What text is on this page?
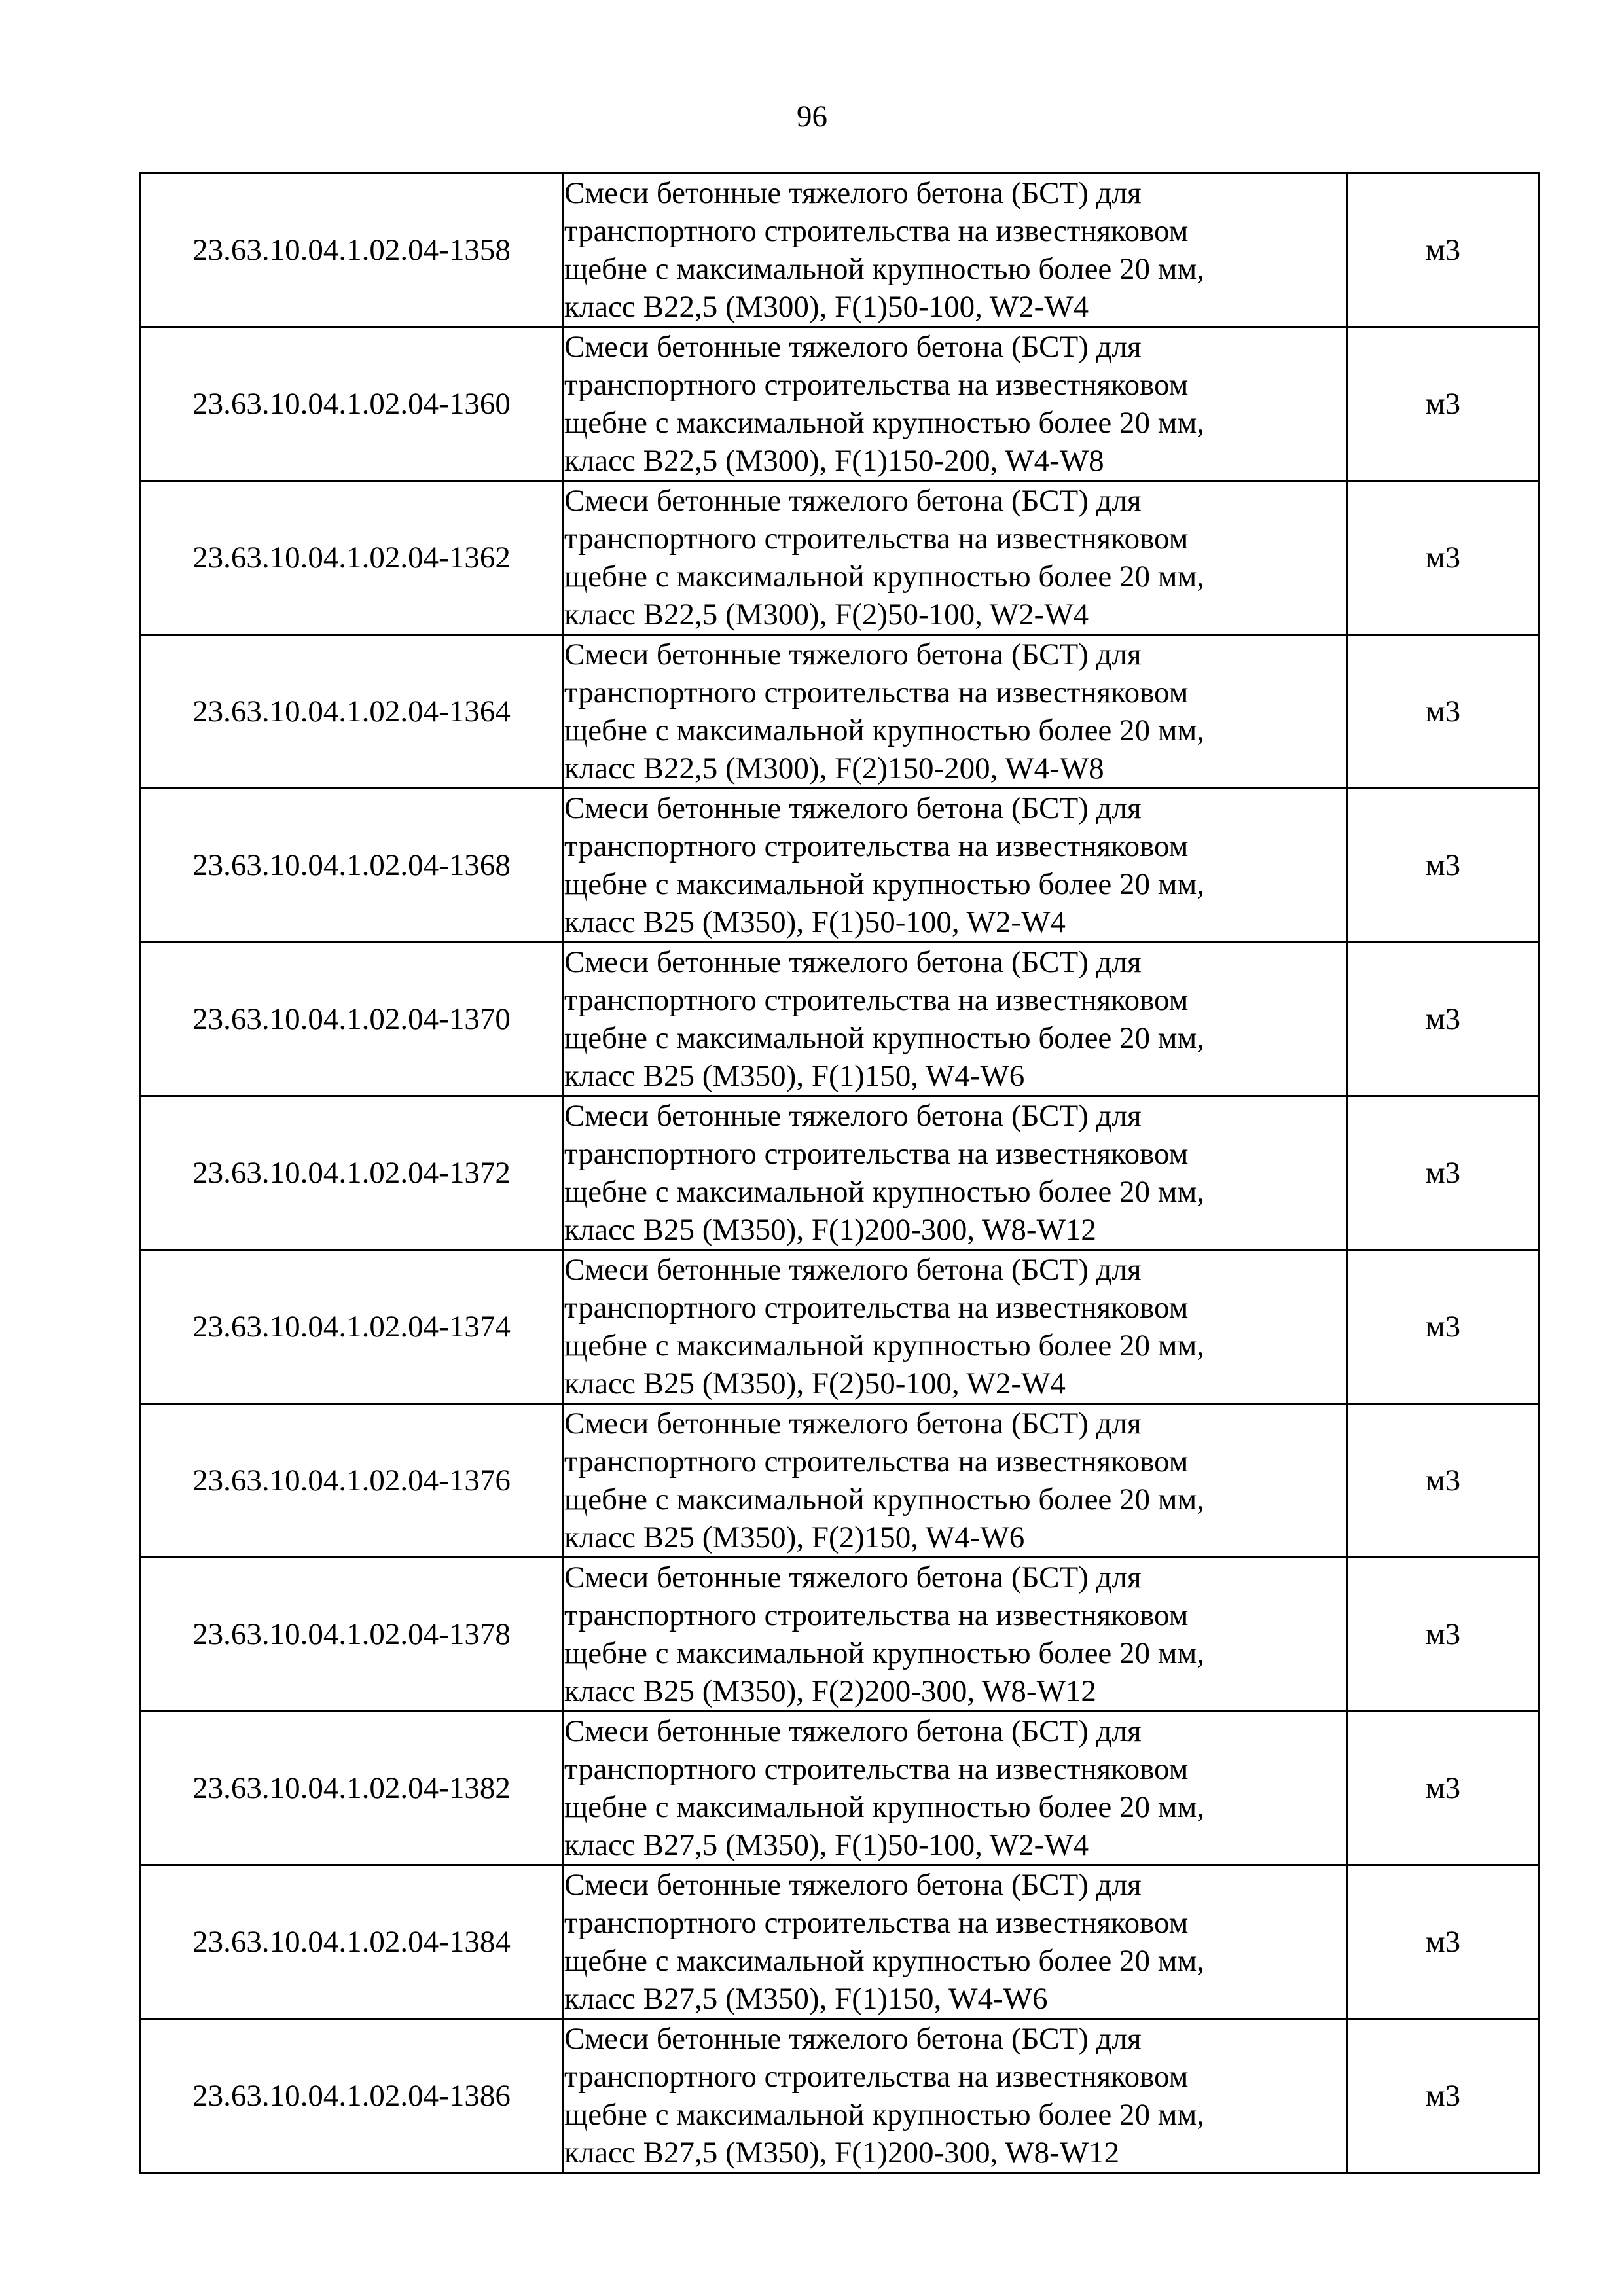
96
23.63.10.04.1.02.04-1358	Смеси бетонные тяжелого бетона (БСТ) для
транспортного строительства на известняковом
щебне с максимальной крупностью более 20 мм,
класс В22,5 (М300), F(1)50-100, W2-W4	м3
23.63.10.04.1.02.04-1360	Смеси бетонные тяжелого бетона (БСТ) для
транспортного строительства на известняковом
щебне с максимальной крупностью более 20 мм,
класс В22,5 (М300), F(1)150-200, W4-W8	м3
23.63.10.04.1.02.04-1362	Смеси бетонные тяжелого бетона (БСТ) для
транспортного строительства на известняковом
щебне с максимальной крупностью более 20 мм,
класс В22,5 (М300), F(2)50-100, W2-W4	м3
23.63.10.04.1.02.04-1364	Смеси бетонные тяжелого бетона (БСТ) для
транспортного строительства на известняковом
щебне с максимальной крупностью более 20 мм,
класс В22,5 (М300), F(2)150-200, W4-W8	м3
23.63.10.04.1.02.04-1368	Смеси бетонные тяжелого бетона (БСТ) для
транспортного строительства на известняковом
щебне с максимальной крупностью более 20 мм,
класс В25 (М350), F(1)50-100, W2-W4	м3
23.63.10.04.1.02.04-1370	Смеси бетонные тяжелого бетона (БСТ) для
транспортного строительства на известняковом
щебне с максимальной крупностью более 20 мм,
класс В25 (М350), F(1)150, W4-W6	м3
23.63.10.04.1.02.04-1372	Смеси бетонные тяжелого бетона (БСТ) для
транспортного строительства на известняковом
щебне с максимальной крупностью более 20 мм,
класс В25 (М350), F(1)200-300, W8-W12	м3
23.63.10.04.1.02.04-1374	Смеси бетонные тяжелого бетона (БСТ) для
транспортного строительства на известняковом
щебне с максимальной крупностью более 20 мм,
класс В25 (М350), F(2)50-100, W2-W4	м3
23.63.10.04.1.02.04-1376	Смеси бетонные тяжелого бетона (БСТ) для
транспортного строительства на известняковом
щебне с максимальной крупностью более 20 мм,
класс В25 (М350), F(2)150, W4-W6	м3
23.63.10.04.1.02.04-1378	Смеси бетонные тяжелого бетона (БСТ) для
транспортного строительства на известняковом
щебне с максимальной крупностью более 20 мм,
класс В25 (М350), F(2)200-300, W8-W12	м3
23.63.10.04.1.02.04-1382	Смеси бетонные тяжелого бетона (БСТ) для
транспортного строительства на известняковом
щебне с максимальной крупностью более 20 мм,
класс В27,5 (М350), F(1)50-100, W2-W4	м3
23.63.10.04.1.02.04-1384	Смеси бетонные тяжелого бетона (БСТ) для
транспортного строительства на известняковом
щебне с максимальной крупностью более 20 мм,
класс В27,5 (М350), F(1)150, W4-W6	м3
23.63.10.04.1.02.04-1386	Смеси бетонные тяжелого бетона (БСТ) для
транспортного строительства на известняковом
щебне с максимальной крупностью более 20 мм,
класс В27,5 (М350), F(1)200-300, W8-W12	м3
